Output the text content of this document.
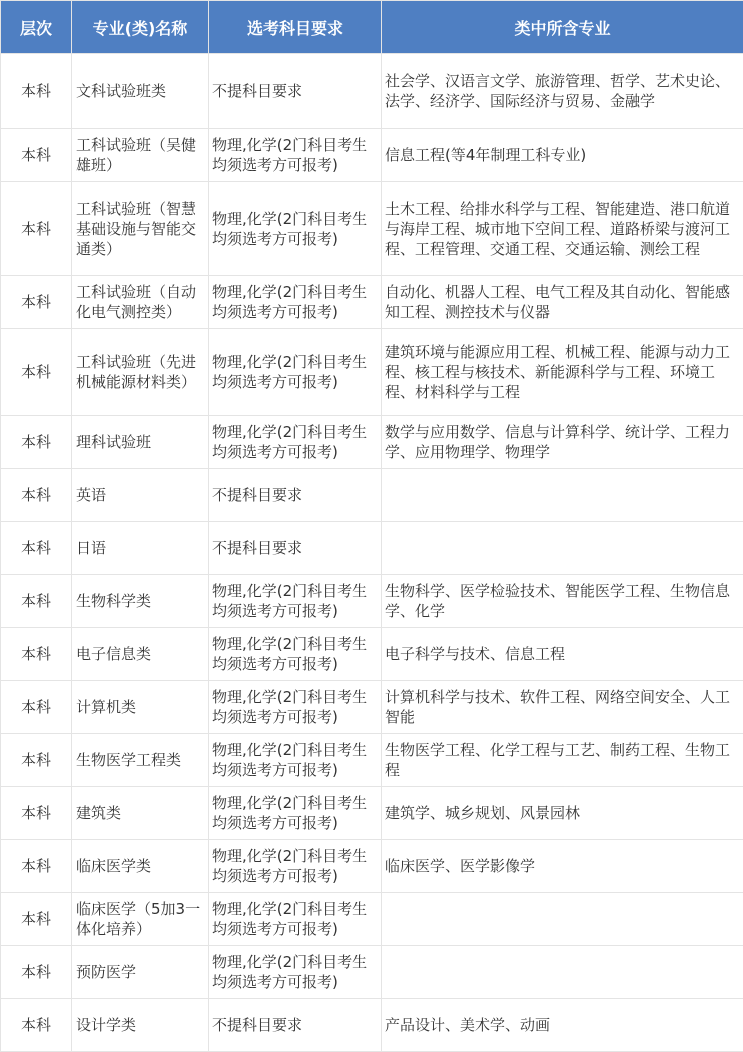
层次	专业(类)名称	选考科目要求	类中所含专业
本科	文科试验班类	不提科目要求	社会学、汉语言文学、旅游管理、哲学、艺术史论、法学、经济学、国际经济与贸易、金融学
本科	工科试验班（吴健雄班）	物理,化学(2门科目考生均须选考方可报考)	信息工程(等4年制理工科专业)
本科	工科试验班（智慧基础设施与智能交通类）	物理,化学(2门科目考生均须选考方可报考)	土木工程、给排水科学与工程、智能建造、港口航道与海岸工程、城市地下空间工程、道路桥梁与渡河工程、工程管理、交通工程、交通运输、测绘工程
本科	工科试验班（自动化电气测控类）	物理,化学(2门科目考生均须选考方可报考)	自动化、机器人工程、电气工程及其自动化、智能感知工程、测控技术与仪器
本科	工科试验班（先进机械能源材料类）	物理,化学(2门科目考生均须选考方可报考)	建筑环境与能源应用工程、机械工程、能源与动力工程、核工程与核技术、新能源科学与工程、环境工程、材料科学与工程
本科	理科试验班	物理,化学(2门科目考生均须选考方可报考)	数学与应用数学、信息与计算科学、统计学、工程力学、应用物理学、物理学
本科	英语	不提科目要求	
本科	日语	不提科目要求	
本科	生物科学类	物理,化学(2门科目考生均须选考方可报考)	生物科学、医学检验技术、智能医学工程、生物信息学、化学
本科	电子信息类	物理,化学(2门科目考生均须选考方可报考)	电子科学与技术、信息工程
本科	计算机类	物理,化学(2门科目考生均须选考方可报考)	计算机科学与技术、软件工程、网络空间安全、人工智能
本科	生物医学工程类	物理,化学(2门科目考生均须选考方可报考)	生物医学工程、化学工程与工艺、制药工程、生物工程
本科	建筑类	物理,化学(2门科目考生均须选考方可报考)	建筑学、城乡规划、风景园林
本科	临床医学类	物理,化学(2门科目考生均须选考方可报考)	临床医学、医学影像学
本科	临床医学（5加3一体化培养）	物理,化学(2门科目考生均须选考方可报考)	
本科	预防医学	物理,化学(2门科目考生均须选考方可报考)	
本科	设计学类	不提科目要求	产品设计、美术学、动画
